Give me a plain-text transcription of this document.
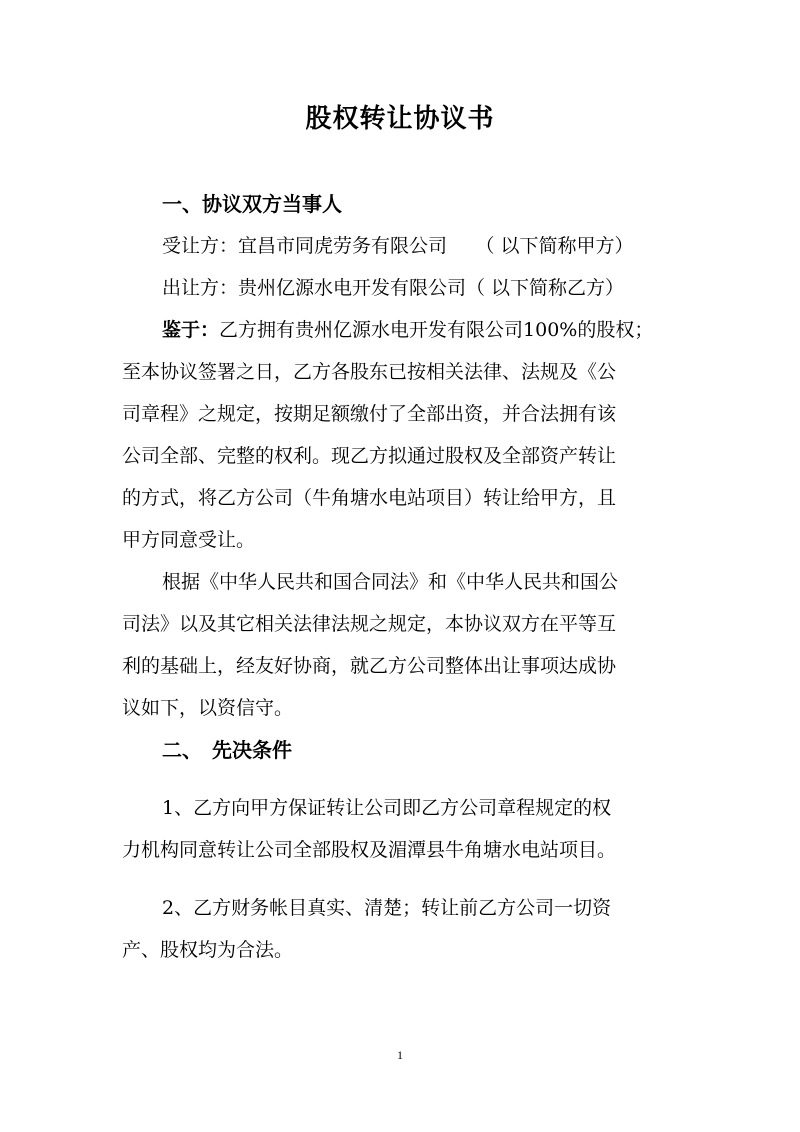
股权转让协议书
一、协议双方当事人
受让方：宜昌市同虎劳务有限公司　　（ 以下简称甲方）
出让方：贵州亿源水电开发有限公司（ 以下简称乙方）
鉴于：乙方拥有贵州亿源水电开发有限公司100%的股权；
至本协议签署之日，乙方各股东已按相关法律、法规及《公
司章程》之规定，按期足额缴付了全部出资，并合法拥有该
公司全部、完整的权利。现乙方拟通过股权及全部资产转让
的方式，将乙方公司（牛角塘水电站项目）转让给甲方，且
甲方同意受让。
根据《中华人民共和国合同法》和《中华人民共和国公
司法》以及其它相关法律法规之规定，本协议双方在平等互
利的基础上，经友好协商，就乙方公司整体出让事项达成协
议如下，以资信守。
二、　先决条件
1、乙方向甲方保证转让公司即乙方公司章程规定的权
力机构同意转让公司全部股权及湄潭县牛角塘水电站项目。
2、乙方财务帐目真实、清楚；转让前乙方公司一切资
产、股权均为合法。
1
